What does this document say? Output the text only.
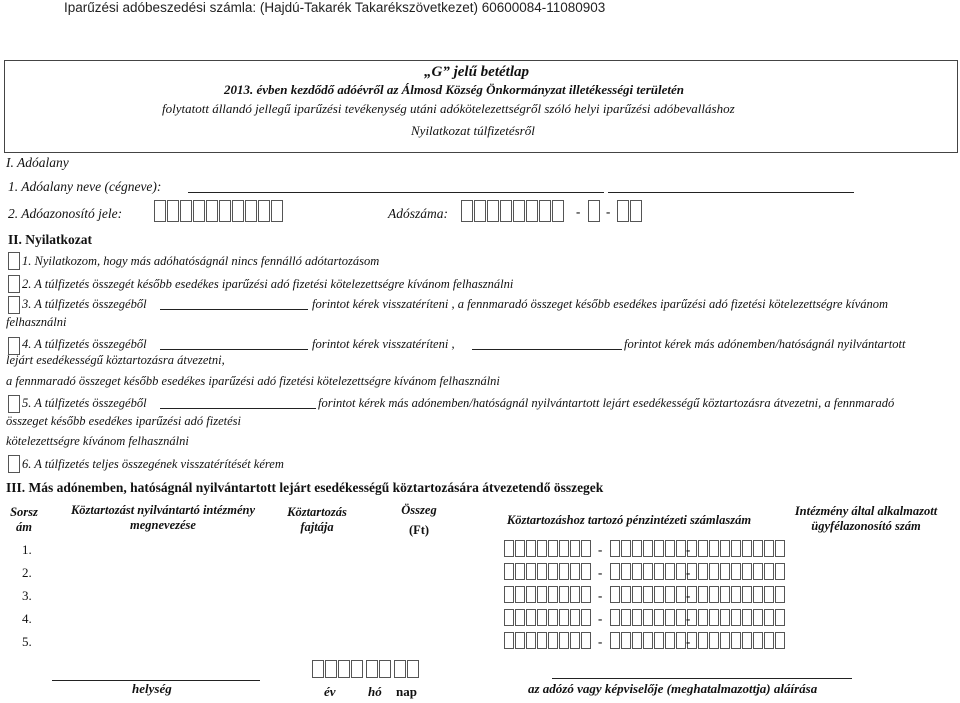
Iparűzési adóbeszedési számla: (Hajdú-Takarék Takarékszövetkezet) 60600084-11080903
„G” jelű betétlap
2013. évben kezdődő adóévről az Álmosd Község Önkormányzat illetékességi területén
folytatott állandó jellegű iparűzési tevékenység utáni adókötelezettségről szóló helyi iparűzési adóbevalláshoz
Nyilatkozat túlfizetésről
I. Adóalany
1. Adóalany neve (cégneve):
2. Adóazonosító jele:	Adószáma:	- -
II. Nyilatkozat
1. Nyilatkozom, hogy más adóhatóságnál nincs fennálló adótartozásom
2. A túlfizetés összegét később esedékes iparűzési adó fizetési kötelezettségre kívánom felhasználni
3. A túlfizetés összegéből	forintot kérek visszatéríteni , a fennmaradó összeget később esedékes iparűzési adó fizetési kötelezettségre kívánom
felhasználni
4. A túlfizetés összegéből	forintot kérek visszatéríteni ,	forintot kérek más adónemben/hatóságnál nyilvántartott
lejárt esedékességű köztartozásra átvezetni,
a fennmaradó összeget később esedékes iparűzési adó fizetési kötelezettségre kívánom felhasználni
5. A túlfizetés összegéből	forintot kérek más adónemben/hatóságnál nyilvántartott lejárt esedékességű köztartozásra átvezetni, a fennmaradó
összeget később esedékes iparűzési adó fizetési
kötelezettségre kívánom felhasználni
6. A túlfizetés teljes összegének visszatérítését kérem
III. Más adónemben, hatóságnál nyilvántartott lejárt esedékességű köztartozására átvezetendő összegek
Sorsz ám
Köztartozást nyilvántartó intézmény megnevezése
Köztartozás fajtája
Összeg
(Ft)
Köztartozáshoz tartozó pénzintézeti számlaszám
Intézmény által alkalmazott ügyfélazonosító szám
1.	-	-
2.	-	-
3.	-	-
4.	-	-
5.	-	-
helység	év hó nap	az adózó vagy képviselője (meghatalmazottja) aláírása
